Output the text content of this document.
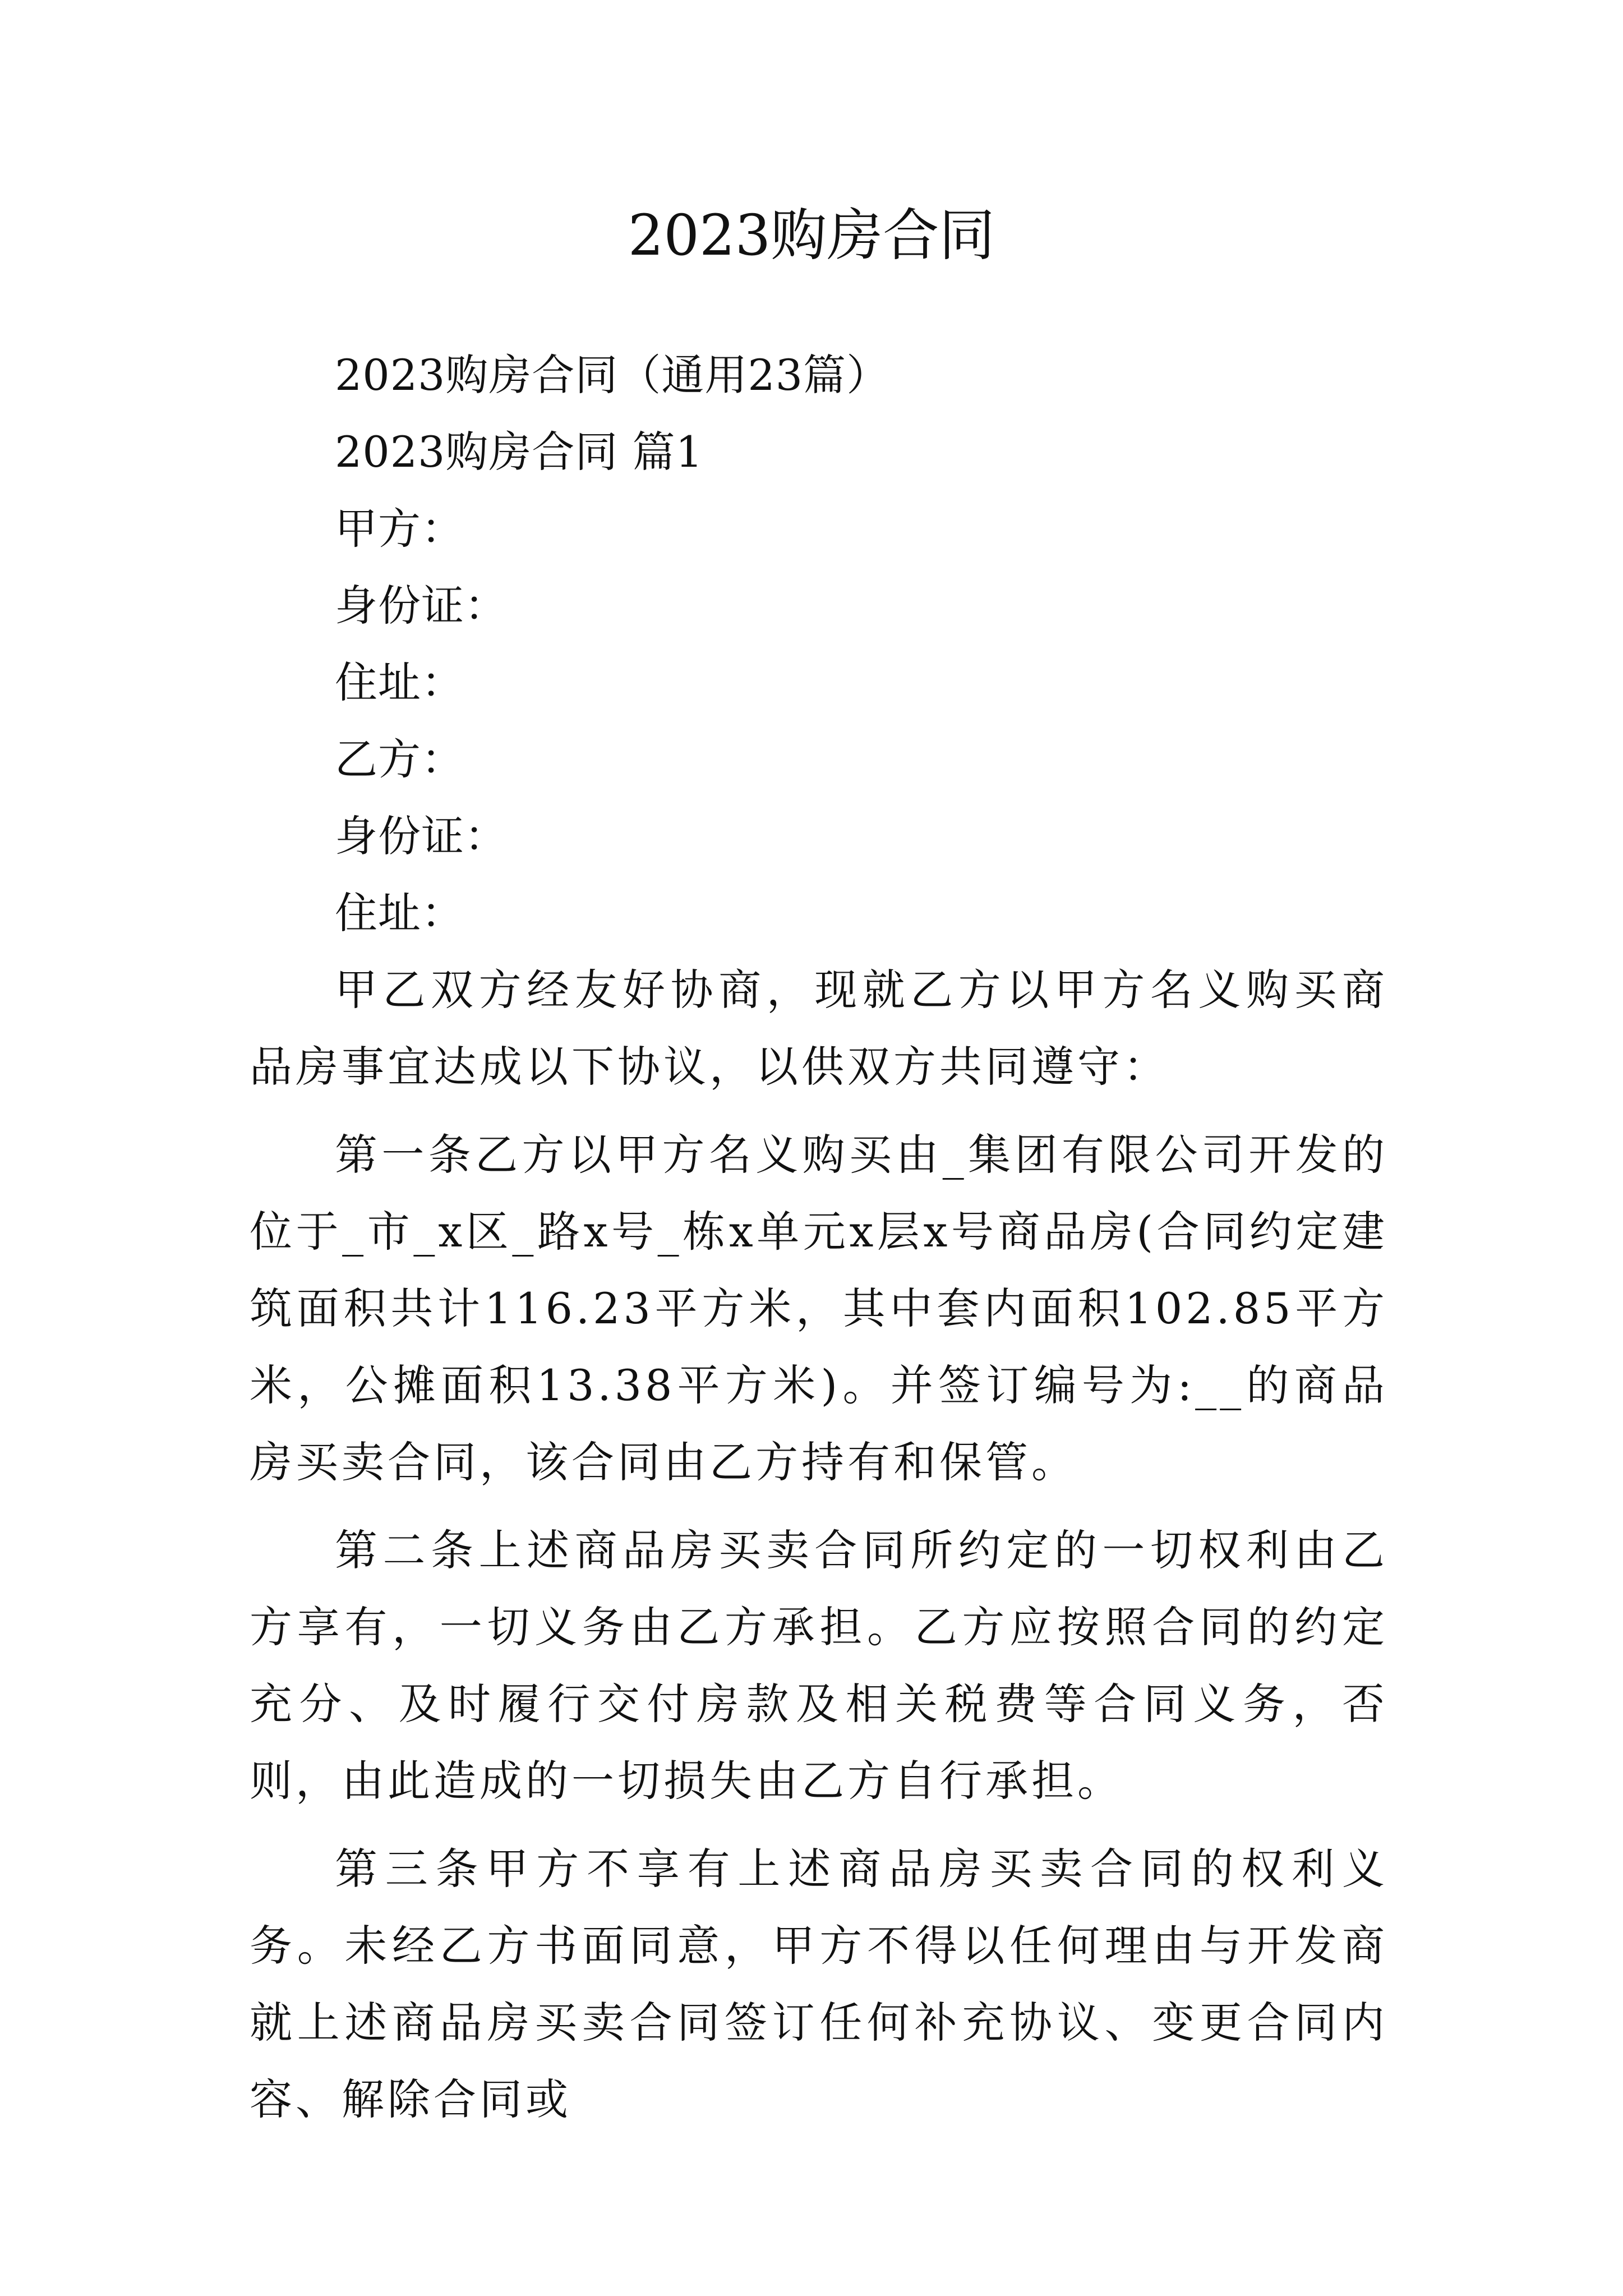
2023购房合同

2023购房合同（通用23篇）

2023购房合同 篇1

甲方：

身份证：

住址：

乙方：

身份证：

住址：

甲乙双方经友好协商，现就乙方以甲方名义购买商品房事宜达成以下协议，以供双方共同遵守：

第一条乙方以甲方名义购买由_集团有限公司开发的位于_市_x区_路x号_栋x单元x层x号商品房(合同约定建筑面积共计116.23平方米，其中套内面积102.85平方米，公摊面积13.38平方米)。并签订编号为:__的商品房买卖合同，该合同由乙方持有和保管。

第二条上述商品房买卖合同所约定的一切权利由乙方享有，一切义务由乙方承担。乙方应按照合同的约定充分、及时履行交付房款及相关税费等合同义务，否则，由此造成的一切损失由乙方自行承担。

第三条甲方不享有上述商品房买卖合同的权利义务。未经乙方书面同意，甲方不得以任何理由与开发商就上述商品房买卖合同签订任何补充协议、变更合同内容、解除合同或
